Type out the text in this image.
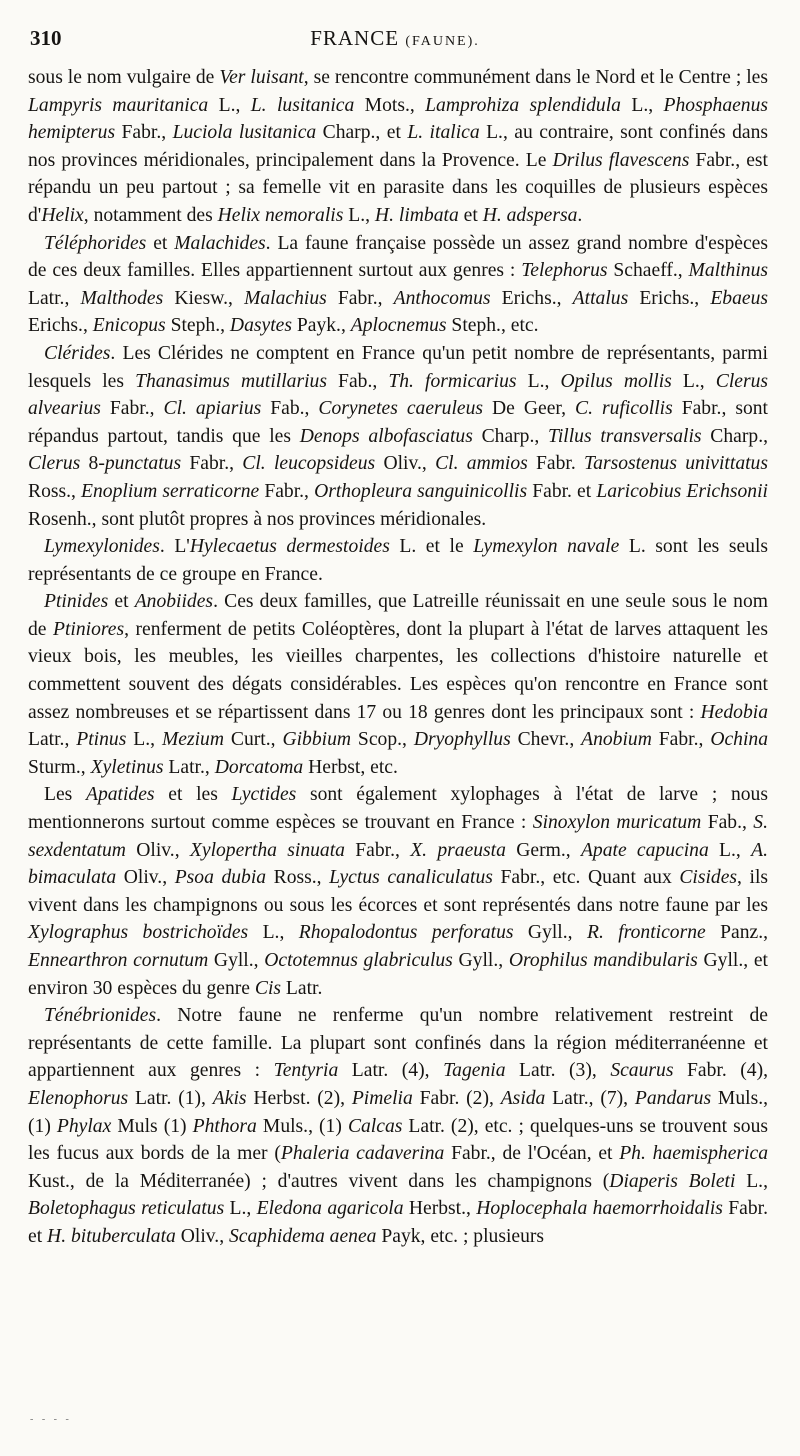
310	FRANCE (FAUNE).

sous le nom vulgaire de Ver luisant, se rencontre communément dans le Nord et le Centre ; les Lampyris mauritanica L., L. lusitanica Mots., Lamprohiza splendidula L., Phosphaenus hemipterus Fabr., Luciola lusitanica Charp., et L. italica L., au contraire, sont confinés dans nos provinces méridionales, principalement dans la Provence. Le Drilus flavescens Fabr., est répandu un peu partout ; sa femelle vit en parasite dans les coquilles de plusieurs espèces d'Helix, notamment des Helix nemoralis L., H. limbata et H. adspersa.

Téléphorides et Malachides. La faune française possède un assez grand nombre d'espèces de ces deux familles. Elles appartiennent surtout aux genres : Telephorus Schaeff., Malthinus Latr., Malthodes Kiesw., Malachius Fabr., Anthocomus Erichs., Attalus Erichs., Ebaeus Erichs., Enicopus Steph., Dasytes Payk., Aplocnemus Steph., etc.

Clérides. Les Clérides ne comptent en France qu'un petit nombre de représentants, parmi lesquels les Thanasimus mutillarius Fab., Th. formicarius L., Opilus mollis L., Clerus alvearius Fabr., Cl. apiarius Fab., Corynetes caeruleus De Geer, C. ruficollis Fabr., sont répandus partout, tandis que les Denops albofasciatus Charp., Tillus transversalis Charp., Clerus 8-punctatus Fabr., Cl. leucopsideus Oliv., Cl. ammios Fabr. Tarsostenus univittatus Ross., Enoplium serraticorne Fabr., Orthopleura sanguinicollis Fabr. et Laricobius Erichsonii Rosenh., sont plutôt propres à nos provinces méridionales.

Lymexylonides. L'Hylecaetus dermestoides L. et le Lymexylon navale L. sont les seuls représentants de ce groupe en France.

Ptinides et Anobiides. Ces deux familles, que Latreille réunissait en une seule sous le nom de Ptiniores, renferment de petits Coléoptères, dont la plupart à l'état de larves attaquent les vieux bois, les meubles, les vieilles charpentes, les collections d'histoire naturelle et commettent souvent des dégats considérables. Les espèces qu'on rencontre en France sont assez nombreuses et se répartissent dans 17 ou 18 genres dont les principaux sont : Hedobia Latr., Ptinus L., Mezium Curt., Gibbium Scop., Dryophyllus Chevr., Anobium Fabr., Ochina Sturm., Xyletinus Latr., Dorcatoma Herbst, etc.

Les Apatides et les Lyctides sont également xylophages à l'état de larve ; nous mentionnerons surtout comme espèces se trouvant en France : Sinoxylon muricatum Fab., S. sexdentatum Oliv., Xylopertha sinuata Fabr., X. praeusta Germ., Apate capucina L., A. bimaculata Oliv., Psoa dubia Ross., Lyctus canaliculatus Fabr., etc. Quant aux Cisides, ils vivent dans les champignons ou sous les écorces et sont représentés dans notre faune par les Xylographus bostrichoïdes L., Rhopalodontus perforatus Gyll., R. fronticorne Panz., Ennearthron cornutum Gyll., Octotemnus glabriculus Gyll., Orophilus mandibularis Gyll., et environ 30 espèces du genre Cis Latr.

Ténébrionides. Notre faune ne renferme qu'un nombre relativement restreint de représentants de cette famille. La plupart sont confinés dans la région méditerranéenne et appartiennent aux genres : Tentyria Latr. (4), Tagenia Latr. (3), Scaurus Fabr. (4), Elenophorus Latr. (1), Akis Herbst. (2), Pimelia Fabr. (2), Asida Latr., (7), Pandarus Muls., (1) Phylax Muls (1) Phthora Muls., (1) Calcas Latr. (2), etc. ; quelques-uns se trouvent sous les fucus aux bords de la mer (Phaleria cadaverina Fabr., de l'Océan, et Ph. haemispherica Kust., de la Méditerranée) ; d'autres vivent dans les champignons (Diaperis Boleti L., Boletophagus reticulatus L., Eledona agaricola Herbst., Hoplocephala haemorrhoidalis Fabr. et H. bituberculata Oliv., Scaphidema aenea Payk, etc. ; plusieurs

- - - -
